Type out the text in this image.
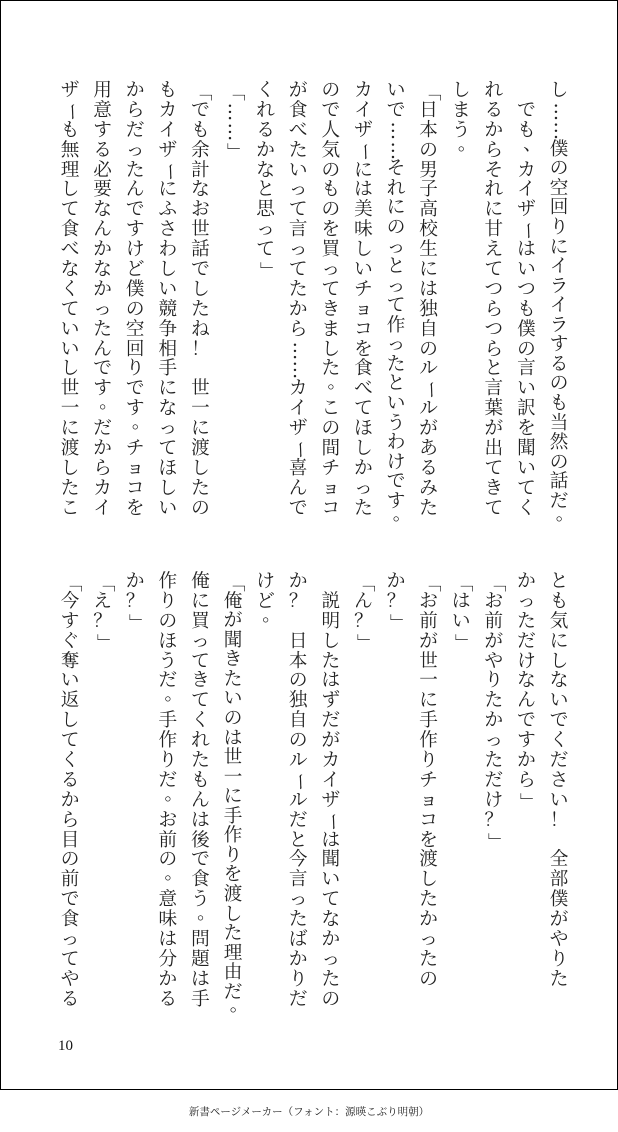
し
…
…
僕
の
空
回
り
に
イ
ラ
イ
ラ
す
る
の
も
当
然
の
話
だ
。

で
も
、
カ
イ
ザ
ー
は
い
つ
も
僕
の
言
い
訳
を
聞
い
て
く
れ
る
か
ら
そ
れ
に
甘
え
て
つ
ら
つ
ら
と
言
葉
が
出
て
き
て
し
ま
う
。
「
日
本
の
男
子
高
校
生
に
は
独
自
の
ル
ー
ル
が
あ
る
み
た
い
で
…
…
そ
れ
に
の
っ
と
っ
て
作
っ
た
と
い
う
わ
け
で
す
。
カ
イ
ザ
ー
に
は
美
味
し
い
チ
ョ
コ
を
食
べ
て
ほ
し
か
っ
た
の
で
人
気
の
も
の
を
買
っ
て
き
ま
し
た
。
こ
の
間
チ
ョ
コ
が
食
べ
た
い
っ
て
言
っ
て
た
か
ら
…
…
カ
イ
ザ
ー
喜
ん
で
く
れ
る
か
な
と
思
っ
て
」
「
…
…
」
「
で
も
余
計
な
お
世
話
で
し
た
ね
！

世
一
に
渡
し
た
の
も
カ
イ
ザ
ー
に
ふ
さ
わ
し
い
競
争
相
手
に
な
っ
て
ほ
し
い
か
ら
だ
っ
た
ん
で
す
け
ど
僕
の
空
回
り
で
す
。
チ
ョ
コ
を
用
意
す
る
必
要
な
ん
か
な
か
っ
た
ん
で
す
。
だ
か
ら
カ
イ
ザ
ー
も
無
理
し
て
食
べ
な
く
て
い
い
し
世
一
に
渡
し
た
こ
と
も
気
に
し
な
い
で
く
だ
さ
い
！

全
部
僕
が
や
り
た
か
っ
た
だ
け
な
ん
で
す
か
ら
」
「
お
前
が
や
り
た
か
っ
た
だ
け
？
」
「
は
い
」
「
お
前
が
世
一
に
手
作
り
チ
ョ
コ
を
渡
し
た
か
っ
た
の
か
？
」
「
ん
？
」

説
明
し
た
は
ず
だ
が
カ
イ
ザ
ー
は
聞
い
て
な
か
っ
た
の
か
？

日
本
の
独
自
の
ル
ー
ル
だ
と
今
言
っ
た
ば
か
り
だ
け
ど
。
「
俺
が
聞
き
た
い
の
は
世
一
に
手
作
り
を
渡
し
た
理
由
だ
。
俺
に
買
っ
て
き
て
く
れ
た
も
ん
は
後
で
食
う
。
問
題
は
手
作
り
の
ほ
う
だ
。
手
作
り
だ
。
お
前
の
。
意
味
は
分
か
る
か
？
」
「
え
？
」
「
今
す
ぐ
奪
い
返
し
て
く
る
か
ら
目
の
前
で
食
っ
て
や
る
10
新書ページメーカー（フォント：源暎こぶり明朝）
